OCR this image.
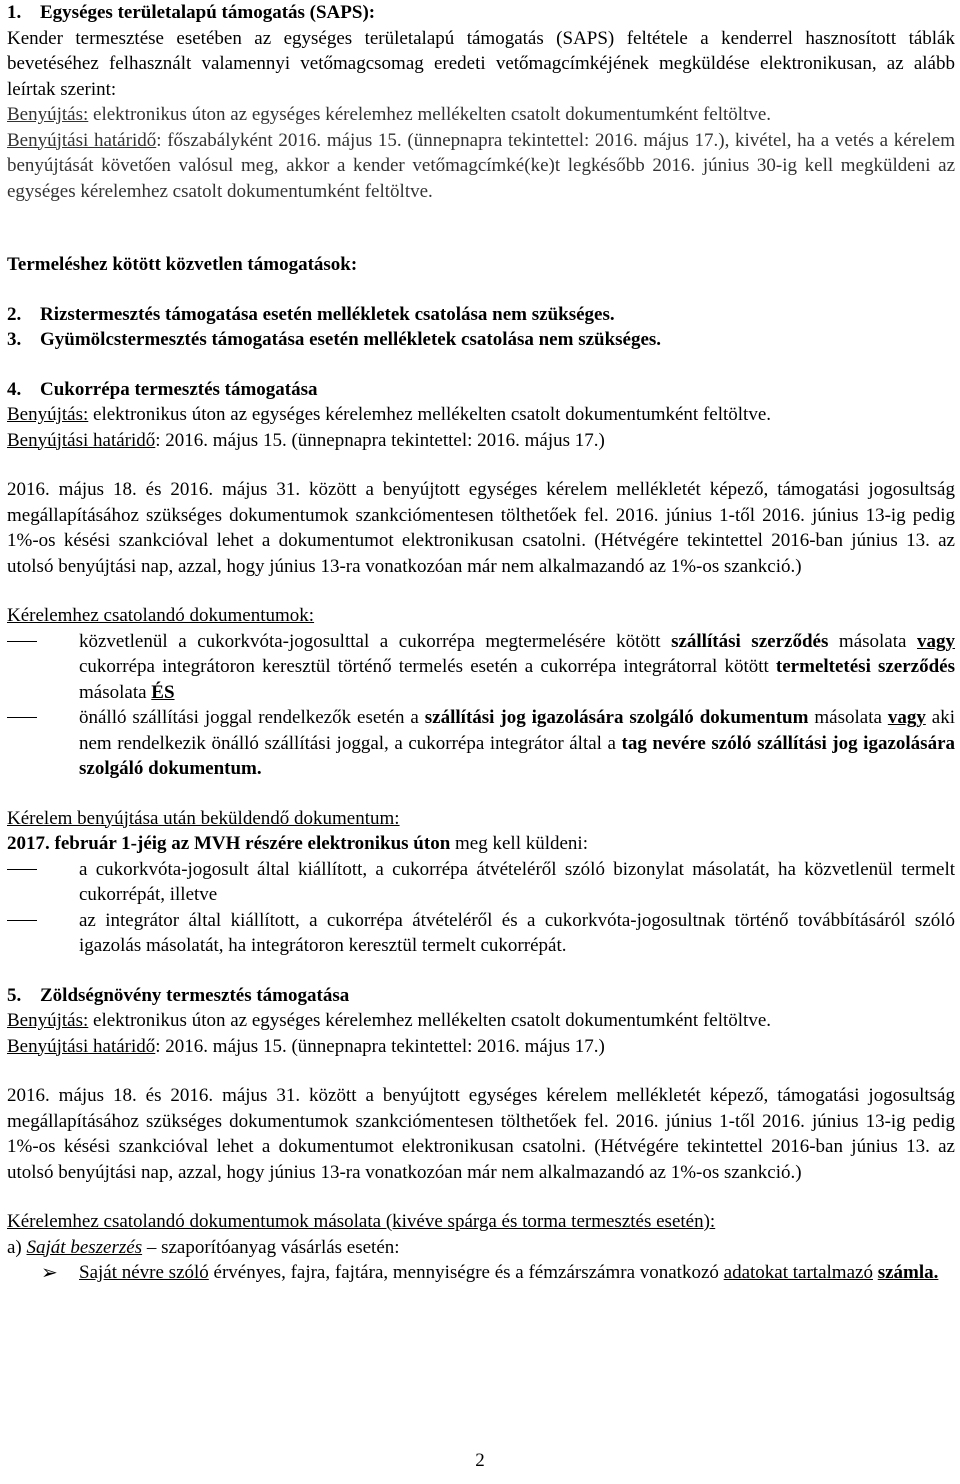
1. Egységes területalapú támogatás (SAPS):

Kender termesztése esetében az egységes területalapú támogatás (SAPS) feltétele a kenderrel hasznosított táblák bevetéséhez felhasznált valamennyi vetőmagcsomag eredeti vetőmagcímkéjének megküldése elektronikusan, az alább leírtak szerint:

Benyújtás: elektronikus úton az egységes kérelemhez mellékelten csatolt dokumentumként feltöltve.

Benyújtási határidő: főszabályként 2016. május 15. (ünnepnapra tekintettel: 2016. május 17.), kivétel, ha a vetés a kérelem benyújtását követően valósul meg, akkor a kender vetőmagcímké(ke)t legkésőbb 2016. június 30-ig kell megküldeni az egységes kérelemhez csatolt dokumentumként feltöltve.

Termeléshez kötött közvetlen támogatások:

2. Rizstermesztés támogatása esetén mellékletek csatolása nem szükséges.

3. Gyümölcstermesztés támogatása esetén mellékletek csatolása nem szükséges.

4. Cukorrépa termesztés támogatása

Benyújtás: elektronikus úton az egységes kérelemhez mellékelten csatolt dokumentumként feltöltve.

Benyújtási határidő: 2016. május 15. (ünnepnapra tekintettel: 2016. május 17.)

2016. május 18. és 2016. május 31. között a benyújtott egységes kérelem mellékletét képező, támogatási jogosultság megállapításához szükséges dokumentumok szankciómentesen tölthetőek fel. 2016. június 1-től 2016. június 13-ig pedig 1%-os késési szankcióval lehet a dokumentumot elektronikusan csatolni. (Hétvégére tekintettel 2016-ban június 13. az utolsó benyújtási nap, azzal, hogy június 13-ra vonatkozóan már nem alkalmazandó az 1%-os szankció.)

Kérelemhez csatolandó dokumentumok:

közvetlenül a cukorkvóta-jogosulttal a cukorrépa megtermelésére kötött szállítási szerződés másolata vagy cukorrépa integrátoron keresztül történő termelés esetén a cukorrépa integrátorral kötött termeltetési szerződés másolata ÉS
önálló szállítási joggal rendelkezők esetén a szállítási jog igazolására szolgáló dokumentum másolata vagy aki nem rendelkezik önálló szállítási joggal, a cukorrépa integrátor által a tag nevére szóló szállítási jog igazolására szolgáló dokumentum.

Kérelem benyújtása után beküldendő dokumentum:

2017. február 1-jéig az MVH részére elektronikus úton meg kell küldeni:

a cukorkvóta-jogosult által kiállított, a cukorrépa átvételéről szóló bizonylat másolatát, ha közvetlenül termelt cukorrépát, illetve
az integrátor által kiállított, a cukorrépa átvételéről és a cukorkvóta-jogosultnak történő továbbításáról szóló igazolás másolatát, ha integrátoron keresztül termelt cukorrépát.

5. Zöldségnövény termesztés támogatása

Benyújtás: elektronikus úton az egységes kérelemhez mellékelten csatolt dokumentumként feltöltve.

Benyújtási határidő: 2016. május 15. (ünnepnapra tekintettel: 2016. május 17.)

2016. május 18. és 2016. május 31. között a benyújtott egységes kérelem mellékletét képező, támogatási jogosultság megállapításához szükséges dokumentumok szankciómentesen tölthetőek fel. 2016. június 1-től 2016. június 13-ig pedig 1%-os késési szankcióval lehet a dokumentumot elektronikusan csatolni. (Hétvégére tekintettel 2016-ban június 13. az utolsó benyújtási nap, azzal, hogy június 13-ra vonatkozóan már nem alkalmazandó az 1%-os szankció.)

Kérelemhez csatolandó dokumentumok másolata (kivéve spárga és torma termesztés esetén):

a) Saját beszerzés – szaporítóanyag vásárlás esetén:

➢ Saját névre szóló érvényes, fajra, fajtára, mennyiségre és a fémzárszámra vonatkozó adatokat tartalmazó számla.
2
